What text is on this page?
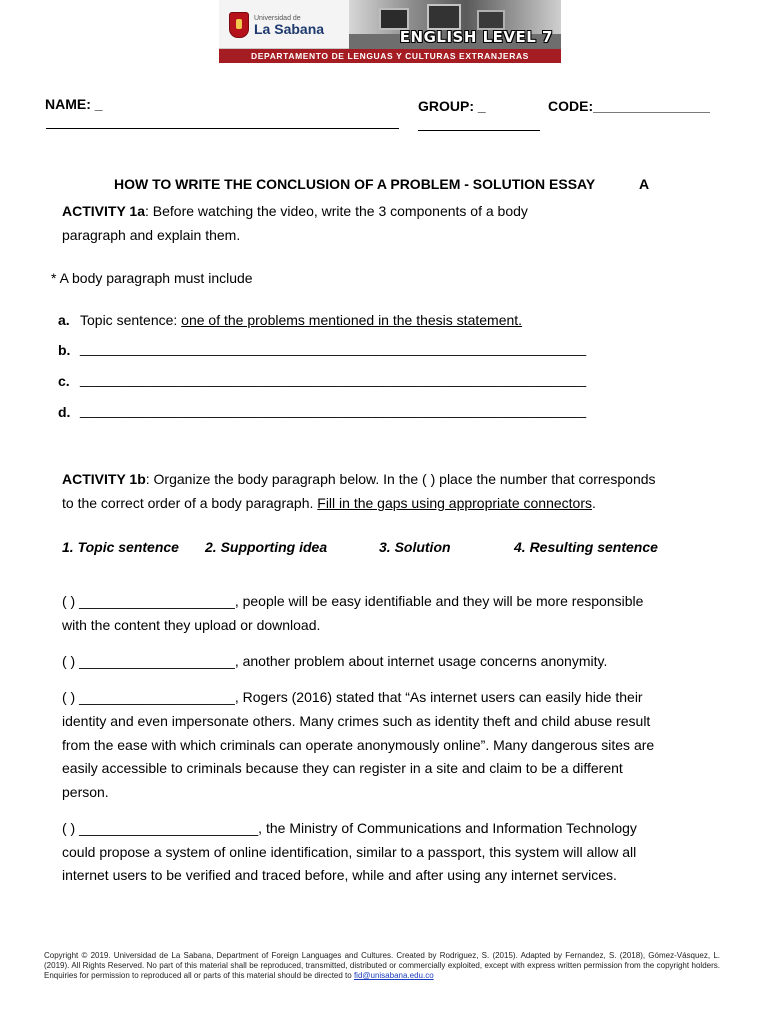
Universidad de
La Sabana	ENGLISH LEVEL 7
DEPARTAMENTO DE LENGUAS Y CULTURAS EXTRANJERAS
NAME: _	GROUP: _	CODE:_______________
HOW TO WRITE THE CONCLUSION OF A PROBLEM - SOLUTION ESSAY	A
ACTIVITY 1a: Before watching the video, write the 3 components of a body
paragraph and explain them.
* A body paragraph must include
a. Topic sentence: one of the problems mentioned in the thesis statement.
b. _________________________________________________________________
c. _________________________________________________________________
d. _________________________________________________________________
ACTIVITY 1b: Organize the body paragraph below. In the ( ) place the number that corresponds
to the correct order of a body paragraph. Fill in the gaps using appropriate connectors.
1. Topic sentence 2. Supporting idea	3. Solution	4. Resulting sentence
( ) ____________________, people will be easy identifiable and they will be more responsible
with the content they upload or download.
( ) ____________________, another problem about internet usage concerns anonymity.
( ) ____________________, Rogers (2016) stated that “As internet users can easily hide their
identity and even impersonate others. Many crimes such as identity theft and child abuse result
from the ease with which criminals can operate anonymously online”. Many dangerous sites are
easily accessible to criminals because they can register in a site and claim to be a different
person.
( ) _______________________, the Ministry of Communications and Information Technology
could propose a system of online identification, similar to a passport, this system will allow all
internet users to be verified and traced before, while and after using any internet services.
Copyright © 2019. Universidad de La Sabana, Department of Foreign Languages and Cultures. Created by Rodriguez, S. (2015). Adapted by Fernandez, S. (2018), Gómez-Vásquez, L. (2019). All Rights Reserved. No part of this material shall be reproduced, transmitted, distributed or commercially exploited, except with express written permission from the copyright holders. Enquiries for permission to reproduced all or parts of this material should be directed to fid@unisabana.edu.co
